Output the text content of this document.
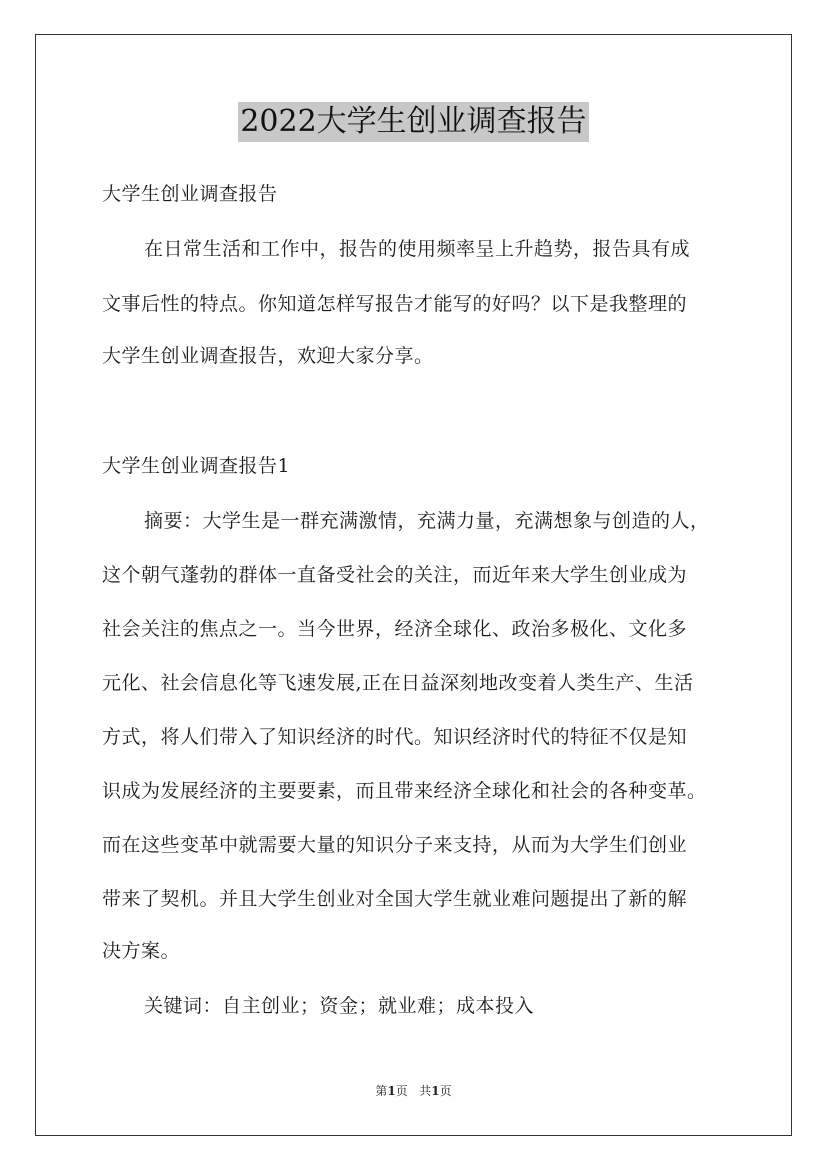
2022大学生创业调查报告
大学生创业调查报告
在日常生活和工作中，报告的使用频率呈上升趋势，报告具有成
文事后性的特点。你知道怎样写报告才能写的好吗？以下是我整理的
大学生创业调查报告，欢迎大家分享。
大学生创业调查报告1
摘要：大学生是一群充满激情，充满力量，充满想象与创造的人，
这个朝气蓬勃的群体一直备受社会的关注，而近年来大学生创业成为
社会关注的焦点之一。当今世界，经济全球化、政治多极化、文化多
元化、社会信息化等飞速发展,正在日益深刻地改变着人类生产、生活
方式，将人们带入了知识经济的时代。知识经济时代的特征不仅是知
识成为发展经济的主要要素，而且带来经济全球化和社会的各种变革。
而在这些变革中就需要大量的知识分子来支持，从而为大学生们创业
带来了契机。并且大学生创业对全国大学生就业难问题提出了新的解
决方案。
关键词：自主创业；资金；就业难；成本投入
第1页 共1页
